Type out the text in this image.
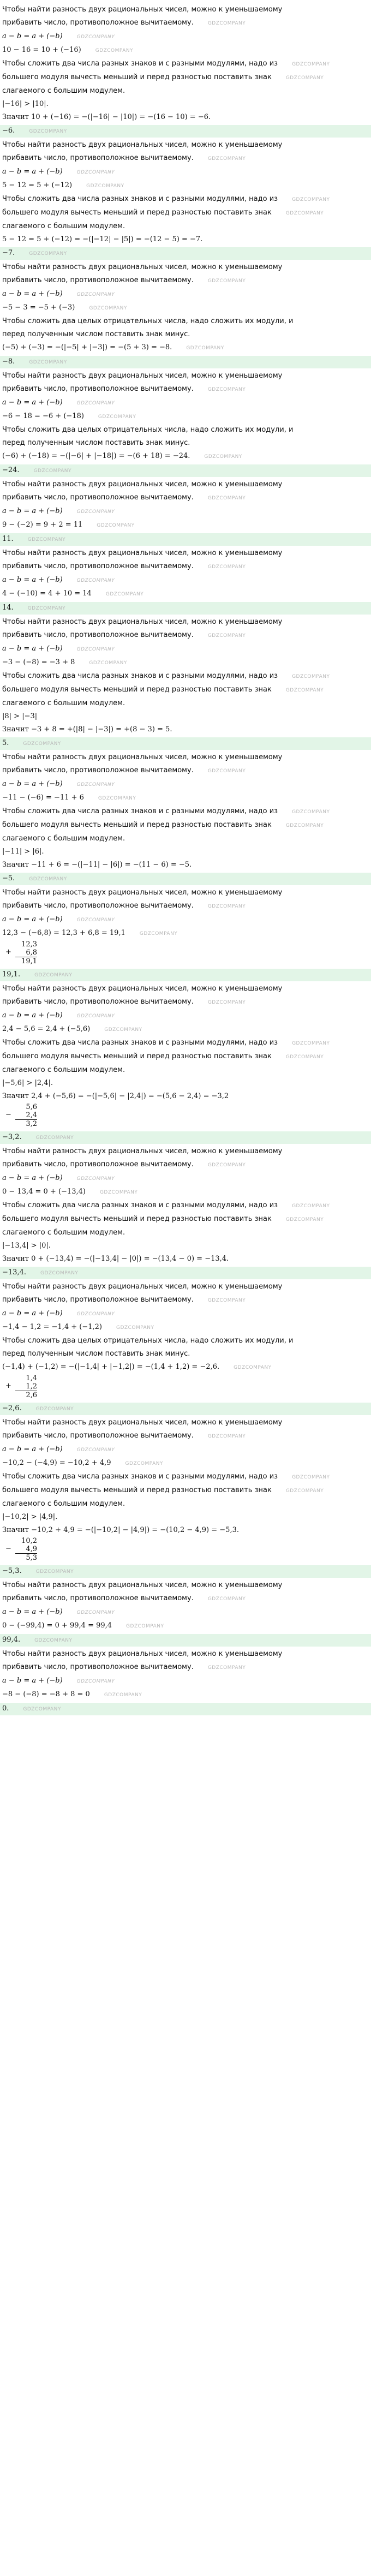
Чтобы найти разность двух рациональных чисел, можно к уменьшаемому

прибавить число, противоположное вычитаемому.	GDZCOMPANY

a − b = a + (−b)	GDZCOMPANY

10 − 16 = 10 + (−16)	GDZCOMPANY

Чтобы сложить два числа разных знаков и с разными модулями, надо из	GDZCOMPANY

большего модуля вычесть меньший и перед разностью поставить знак	GDZCOMPANY

слагаемого с большим модулем.

|−16| > |10|.

Значит 10 + (−16) = −(|−16| − |10|) = −(16 − 10) = −6.

−6.	GDZCOMPANY

Чтобы найти разность двух рациональных чисел, можно к уменьшаемому

прибавить число, противоположное вычитаемому.	GDZCOMPANY

a − b = a + (−b)	GDZCOMPANY

5 − 12 = 5 + (−12)	GDZCOMPANY

Чтобы сложить два числа разных знаков и с разными модулями, надо из	GDZCOMPANY

большего модуля вычесть меньший и перед разностью поставить знак	GDZCOMPANY

слагаемого с большим модулем.

5 − 12 = 5 + (−12) = −(|−12| − |5|) = −(12 − 5) = −7.

−7.	GDZCOMPANY

Чтобы найти разность двух рациональных чисел, можно к уменьшаемому

прибавить число, противоположное вычитаемому.	GDZCOMPANY

a − b = a + (−b)	GDZCOMPANY

−5 − 3 = −5 + (−3)	GDZCOMPANY

Чтобы сложить два целых отрицательных числа, надо сложить их модули, и

перед полученным числом поставить знак минус.

(−5) + (−3) = −(|−5| + |−3|) = −(5 + 3) = −8.	GDZCOMPANY

−8.	GDZCOMPANY

Чтобы найти разность двух рациональных чисел, можно к уменьшаемому

прибавить число, противоположное вычитаемому.	GDZCOMPANY

a − b = a + (−b)	GDZCOMPANY

−6 − 18 = −6 + (−18)	GDZCOMPANY

Чтобы сложить два целых отрицательных числа, надо сложить их модули, и

перед полученным числом поставить знак минус.

(−6) + (−18) = −(|−6| + |−18|) = −(6 + 18) = −24.	GDZCOMPANY

−24.	GDZCOMPANY

Чтобы найти разность двух рациональных чисел, можно к уменьшаемому

прибавить число, противоположное вычитаемому.	GDZCOMPANY

a − b = a + (−b)	GDZCOMPANY

9 − (−2) = 9 + 2 = 11	GDZCOMPANY

11.	GDZCOMPANY

Чтобы найти разность двух рациональных чисел, можно к уменьшаемому

прибавить число, противоположное вычитаемому.	GDZCOMPANY

a − b = a + (−b)	GDZCOMPANY

4 − (−10) = 4 + 10 = 14	GDZCOMPANY

14.	GDZCOMPANY

Чтобы найти разность двух рациональных чисел, можно к уменьшаемому

прибавить число, противоположное вычитаемому.	GDZCOMPANY

a − b = a + (−b)	GDZCOMPANY

−3 − (−8) = −3 + 8	GDZCOMPANY

Чтобы сложить два числа разных знаков и с разными модулями, надо из	GDZCOMPANY

большего модуля вычесть меньший и перед разностью поставить знак	GDZCOMPANY

слагаемого с большим модулем.

|8| > |−3|

Значит −3 + 8 = +(|8| − |−3|) = +(8 − 3) = 5.

5.	GDZCOMPANY

Чтобы найти разность двух рациональных чисел, можно к уменьшаемому

прибавить число, противоположное вычитаемому.	GDZCOMPANY

a − b = a + (−b)	GDZCOMPANY

−11 − (−6) = −11 + 6	GDZCOMPANY

Чтобы сложить два числа разных знаков и с разными модулями, надо из	GDZCOMPANY

большего модуля вычесть меньший и перед разностью поставить знак	GDZCOMPANY

слагаемого с большим модулем.

|−11| > |6|.

Значит −11 + 6 = −(|−11| − |6|) = −(11 − 6) = −5.

−5.	GDZCOMPANY

Чтобы найти разность двух рациональных чисел, можно к уменьшаемому

прибавить число, противоположное вычитаемому.	GDZCOMPANY

a − b = a + (−b)	GDZCOMPANY

12,3 − (−6,8) = 12,3 + 6,8 = 19,1	GDZCOMPANY

+
12,3
6,8
19,1

19,1.	GDZCOMPANY

Чтобы найти разность двух рациональных чисел, можно к уменьшаемому

прибавить число, противоположное вычитаемому.	GDZCOMPANY

a − b = a + (−b)	GDZCOMPANY

2,4 − 5,6 = 2,4 + (−5,6)	GDZCOMPANY

Чтобы сложить два числа разных знаков и с разными модулями, надо из	GDZCOMPANY

большего модуля вычесть меньший и перед разностью поставить знак	GDZCOMPANY

слагаемого с большим модулем.

|−5,6| > |2,4|.

Значит 2,4 + (−5,6) = −(|−5,6| − |2,4|) = −(5,6 − 2,4) = −3,2

−
5,6
2,4
3,2

−3,2.	GDZCOMPANY

Чтобы найти разность двух рациональных чисел, можно к уменьшаемому

прибавить число, противоположное вычитаемому.	GDZCOMPANY

a − b = a + (−b)	GDZCOMPANY

0 − 13,4 = 0 + (−13,4)	GDZCOMPANY

Чтобы сложить два числа разных знаков и с разными модулями, надо из	GDZCOMPANY

большего модуля вычесть меньший и перед разностью поставить знак	GDZCOMPANY

слагаемого с большим модулем.

|−13,4| > |0|.

Значит 0 + (−13,4) = −(|−13,4| − |0|) = −(13,4 − 0) = −13,4.

−13,4.	GDZCOMPANY

Чтобы найти разность двух рациональных чисел, можно к уменьшаемому

прибавить число, противоположное вычитаемому.	GDZCOMPANY

a − b = a + (−b)	GDZCOMPANY

−1,4 − 1,2 = −1,4 + (−1,2)	GDZCOMPANY

Чтобы сложить два целых отрицательных числа, надо сложить их модули, и

перед полученным числом поставить знак минус.

(−1,4) + (−1,2) = −(|−1,4| + |−1,2|) = −(1,4 + 1,2) = −2,6.	GDZCOMPANY

+
1,4
1,2
2,6

−2,6.	GDZCOMPANY

Чтобы найти разность двух рациональных чисел, можно к уменьшаемому

прибавить число, противоположное вычитаемому.	GDZCOMPANY

a − b = a + (−b)	GDZCOMPANY

−10,2 − (−4,9) = −10,2 + 4,9	GDZCOMPANY

Чтобы сложить два числа разных знаков и с разными модулями, надо из	GDZCOMPANY

большего модуля вычесть меньший и перед разностью поставить знак	GDZCOMPANY

слагаемого с большим модулем.

|−10,2| > |4,9|.

Значит −10,2 + 4,9 = −(|−10,2| − |4,9|) = −(10,2 − 4,9) = −5,3.

−
10,2
4,9
5,3

−5,3.	GDZCOMPANY

Чтобы найти разность двух рациональных чисел, можно к уменьшаемому

прибавить число, противоположное вычитаемому.	GDZCOMPANY

a − b = a + (−b)	GDZCOMPANY

0 − (−99,4) = 0 + 99,4 = 99,4	GDZCOMPANY

99,4.	GDZCOMPANY

Чтобы найти разность двух рациональных чисел, можно к уменьшаемому

прибавить число, противоположное вычитаемому.	GDZCOMPANY

a − b = a + (−b)	GDZCOMPANY

−8 − (−8) = −8 + 8 = 0	GDZCOMPANY

0.	GDZCOMPANY
